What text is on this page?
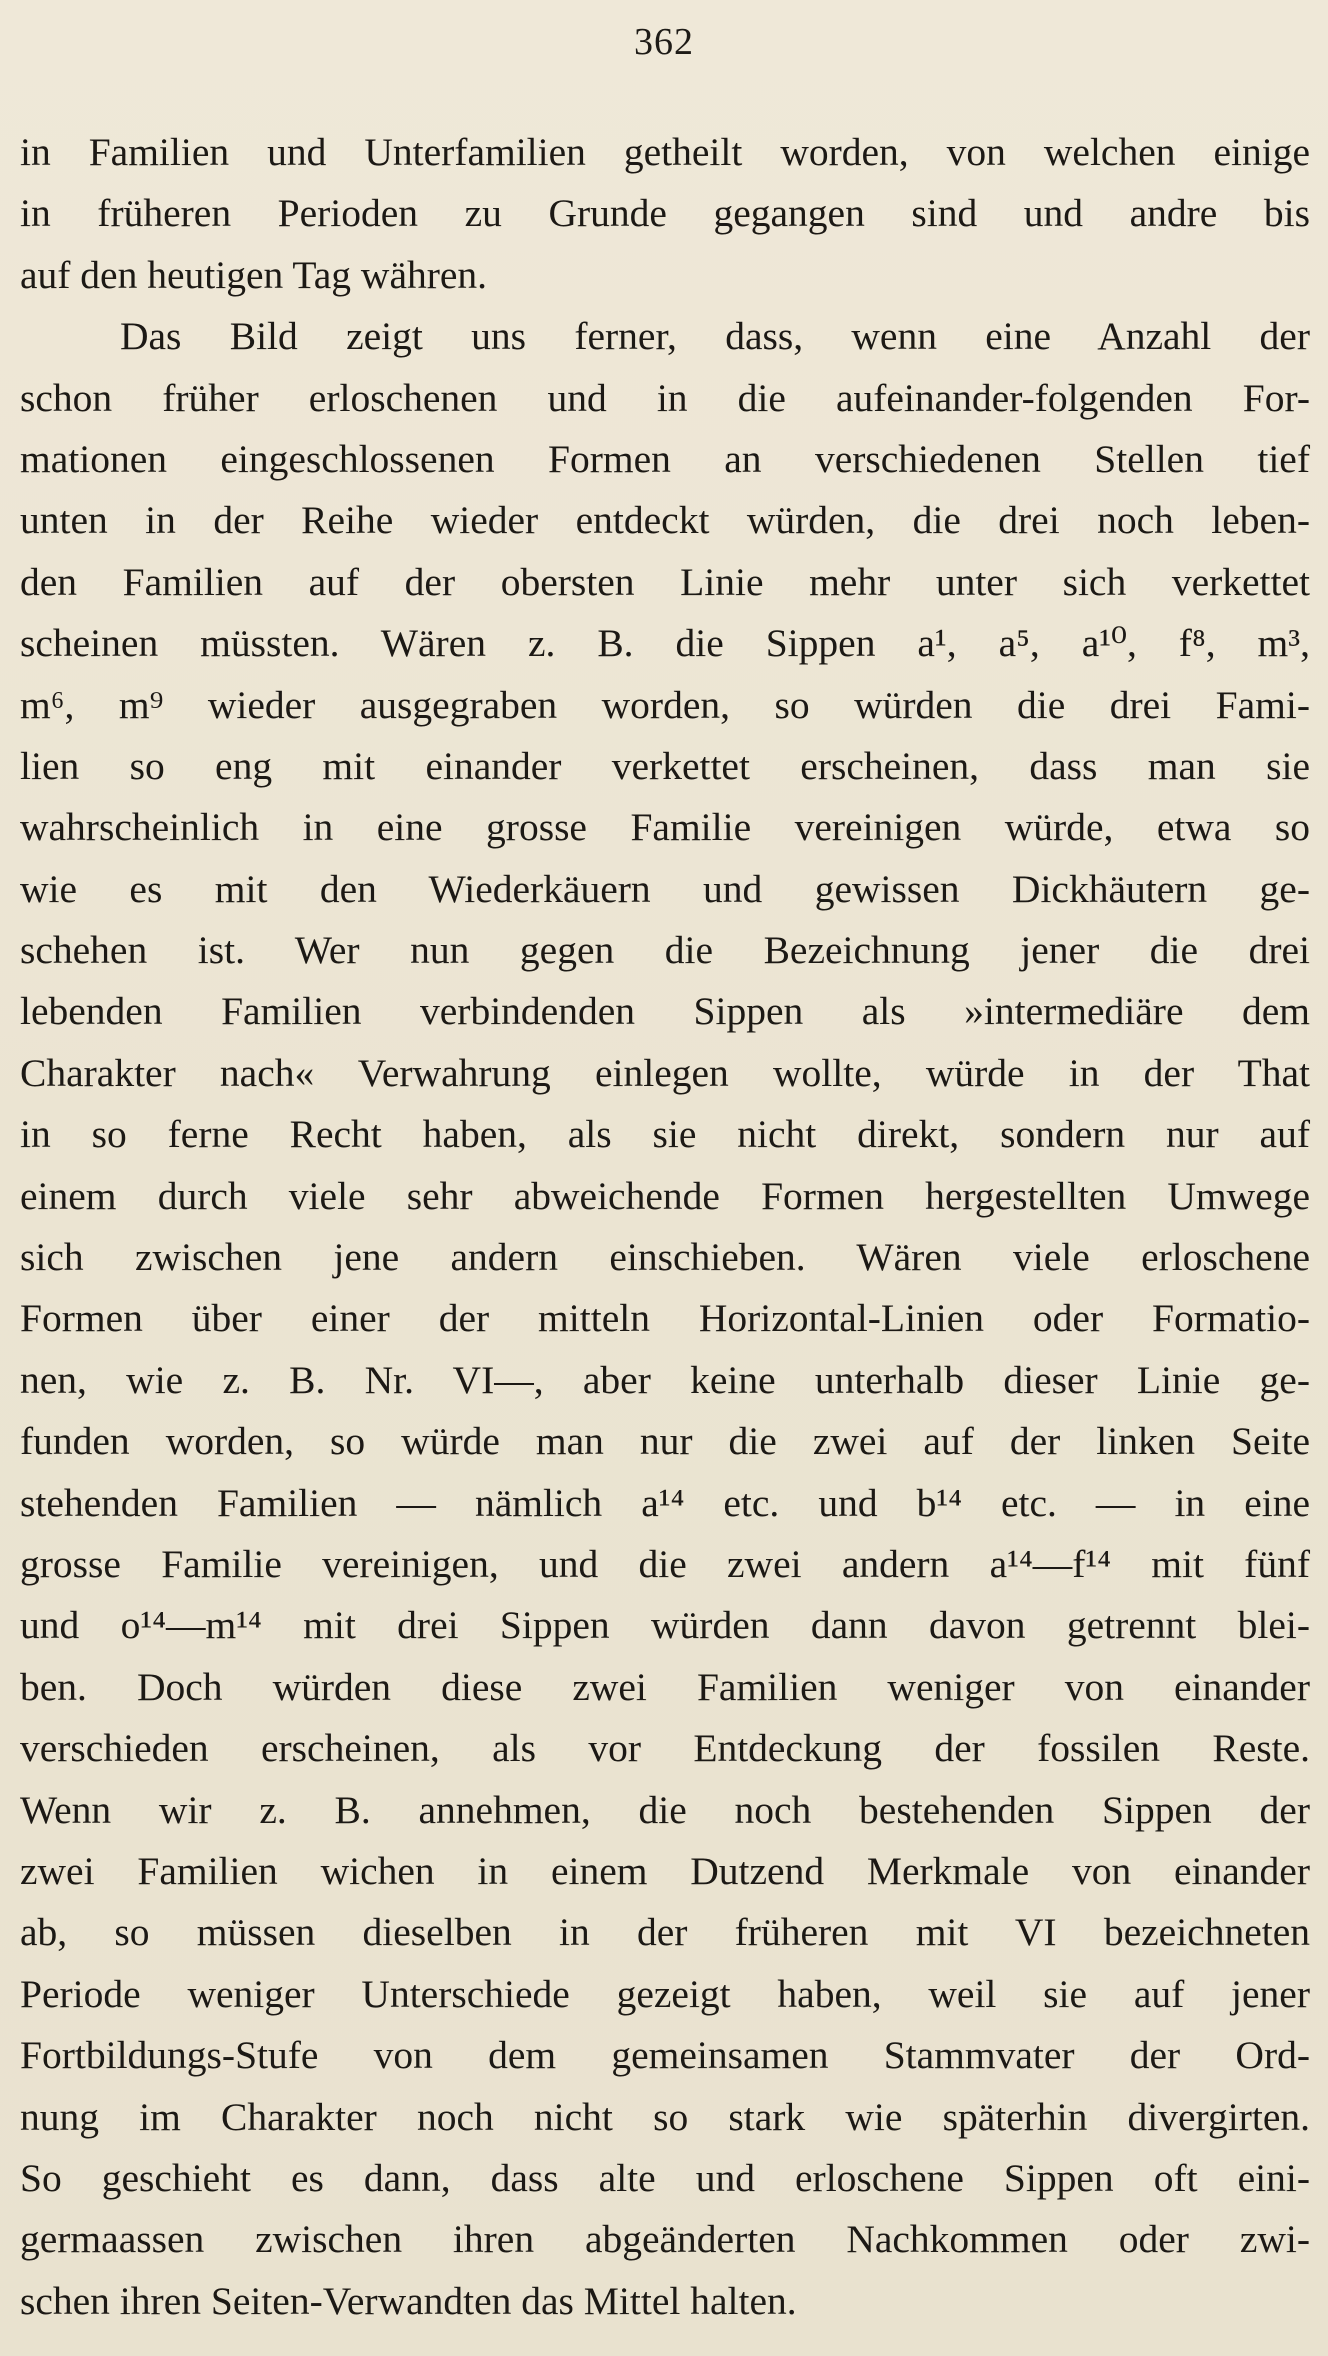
362
in Familien und Unterfamilien getheilt worden, von welchen einige
in früheren Perioden zu Grunde gegangen sind und andre bis
auf den heutigen Tag währen.
Das Bild zeigt uns ferner, dass, wenn eine Anzahl der
schon früher erloschenen und in die aufeinander-folgenden For-
mationen eingeschlossenen Formen an verschiedenen Stellen tief
unten in der Reihe wieder entdeckt würden, die drei noch leben-
den Familien auf der obersten Linie mehr unter sich verkettet
scheinen müssten. Wären z. B. die Sippen a¹, a⁵, a¹⁰, f⁸, m³,
m⁶, m⁹ wieder ausgegraben worden, so würden die drei Fami-
lien so eng mit einander verkettet erscheinen, dass man sie
wahrscheinlich in eine grosse Familie vereinigen würde, etwa so
wie es mit den Wiederkäuern und gewissen Dickhäutern ge-
schehen ist. Wer nun gegen die Bezeichnung jener die drei
lebenden Familien verbindenden Sippen als »intermediäre dem
Charakter nach« Verwahrung einlegen wollte, würde in der That
in so ferne Recht haben, als sie nicht direkt, sondern nur auf
einem durch viele sehr abweichende Formen hergestellten Umwege
sich zwischen jene andern einschieben. Wären viele erloschene
Formen über einer der mitteln Horizontal-Linien oder Formatio-
nen, wie z. B. Nr. VI—, aber keine unterhalb dieser Linie ge-
funden worden, so würde man nur die zwei auf der linken Seite
stehenden Familien — nämlich a¹⁴ etc. und b¹⁴ etc. — in eine
grosse Familie vereinigen, und die zwei andern a¹⁴—f¹⁴ mit fünf
und o¹⁴—m¹⁴ mit drei Sippen würden dann davon getrennt blei-
ben. Doch würden diese zwei Familien weniger von einander
verschieden erscheinen, als vor Entdeckung der fossilen Reste.
Wenn wir z. B. annehmen, die noch bestehenden Sippen der
zwei Familien wichen in einem Dutzend Merkmale von einander
ab, so müssen dieselben in der früheren mit VI bezeichneten
Periode weniger Unterschiede gezeigt haben, weil sie auf jener
Fortbildungs-Stufe von dem gemeinsamen Stammvater der Ord-
nung im Charakter noch nicht so stark wie späterhin divergirten.
So geschieht es dann, dass alte und erloschene Sippen oft eini-
germaassen zwischen ihren abgeänderten Nachkommen oder zwi-
schen ihren Seiten-Verwandten das Mittel halten.
